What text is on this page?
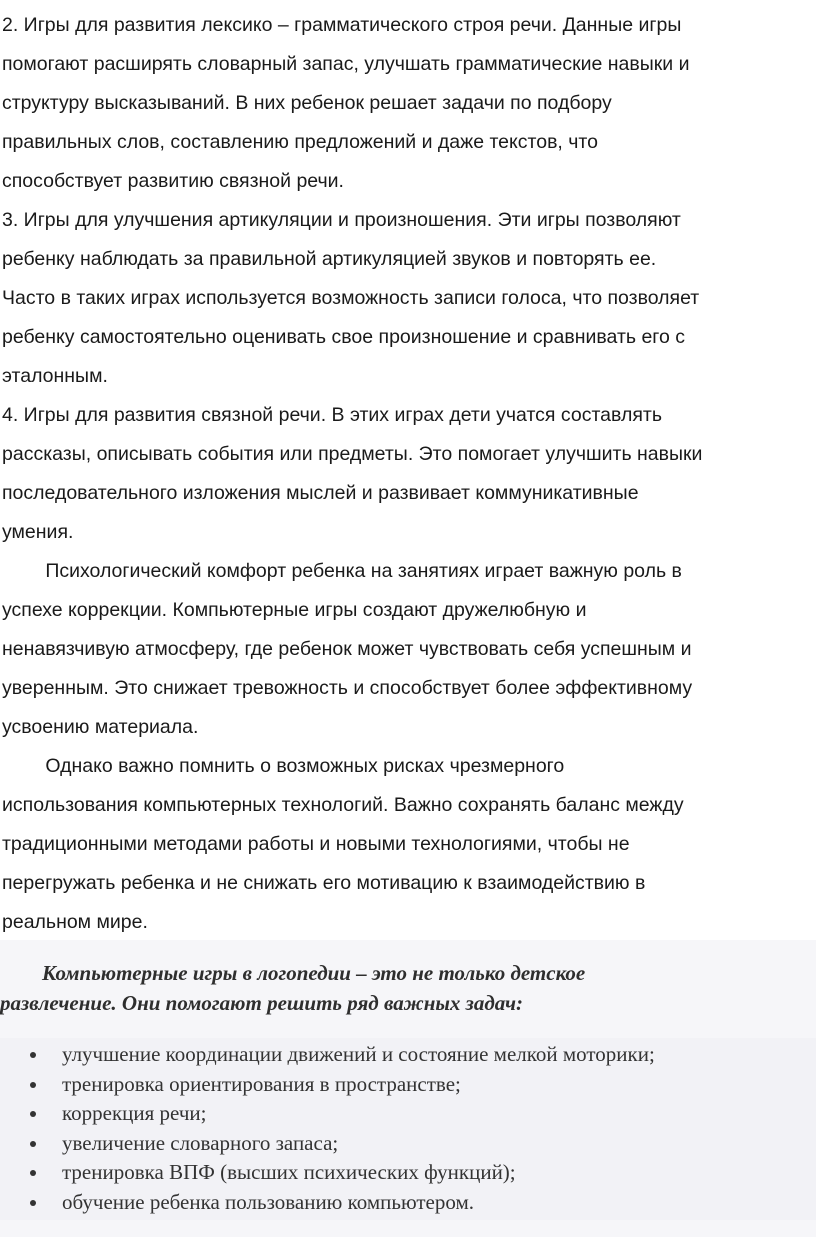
2. Игры для развития лексико – грамматического строя речи. Данные игры
помогают расширять словарный запас, улучшать грамматические навыки и
структуру высказываний. В них ребенок решает задачи по подбору
правильных слов, составлению предложений и даже текстов, что
способствует развитию связной речи.
3. Игры для улучшения артикуляции и произношения. Эти игры позволяют
ребенку наблюдать за правильной артикуляцией звуков и повторять ее.
Часто в таких играх используется возможность записи голоса, что позволяет
ребенку самостоятельно оценивать свое произношение и сравнивать его с
эталонным.
4. Игры для развития связной речи. В этих играх дети учатся составлять
рассказы, описывать события или предметы. Это помогает улучшить навыки
последовательного изложения мыслей и развивает коммуникативные
умения.
Психологический комфорт ребенка на занятиях играет важную роль в
успехе коррекции. Компьютерные игры создают дружелюбную и
ненавязчивую атмосферу, где ребенок может чувствовать себя успешным и
уверенным. Это снижает тревожность и способствует более эффективному
усвоению материала.
Однако важно помнить о возможных рисках чрезмерного
использования компьютерных технологий. Важно сохранять баланс между
традиционными методами работы и новыми технологиями, чтобы не
перегружать ребенка и не снижать его мотивацию к взаимодействию в
реальном мире.
Компьютерные игры в логопедии – это не только детское
развлечение. Они помогают решить ряд важных задач:
улучшение координации движений и состояние мелкой моторики;
тренировка ориентирования в пространстве;
коррекция речи;
увеличение словарного запаса;
тренировка ВПФ (высших психических функций);
обучение ребенка пользованию компьютером.
